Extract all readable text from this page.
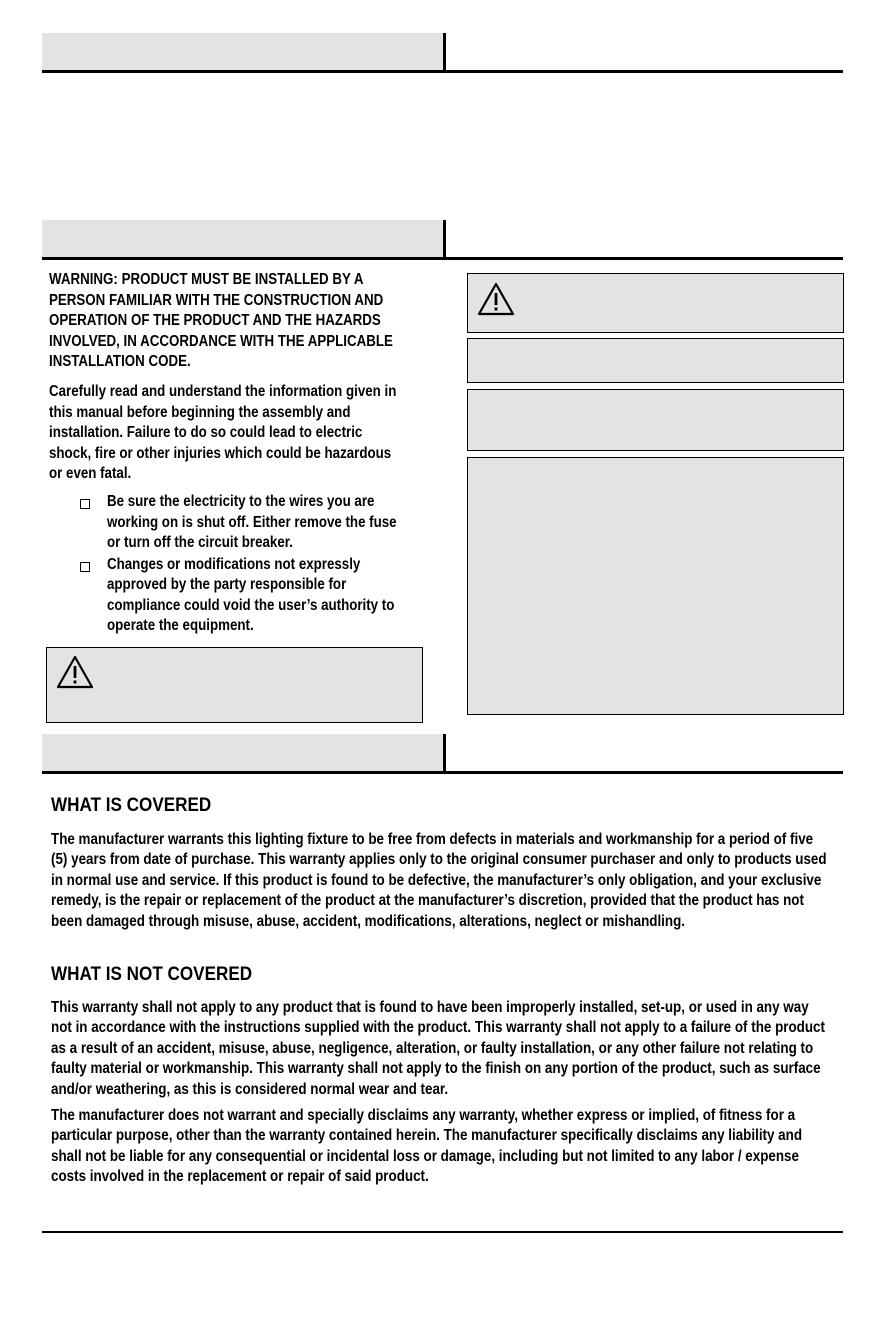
WARNING: PRODUCT MUST BE INSTALLED BY A PERSON FAMILIAR WITH THE CONSTRUCTION AND OPERATION OF THE PRODUCT AND THE HAZARDS INVOLVED, IN ACCORDANCE WITH THE APPLICABLE INSTALLATION CODE.
Carefully read and understand the information given in this manual before beginning the assembly and installation. Failure to do so could lead to electric shock, fire or other injuries which could be hazardous or even fatal.
Be sure the electricity to the wires you are working on is shut off. Either remove the fuse or turn off the circuit breaker.
Changes or modifications not expressly approved by the party responsible for compliance could void the user’s authority to operate the equipment.
WHAT IS COVERED
The manufacturer warrants this lighting fixture to be free from defects in materials and workmanship for a period of five (5) years from date of purchase. This warranty applies only to the original consumer purchaser and only to products used in normal use and service. If this product is found to be defective, the manufacturer’s only obligation, and your exclusive remedy, is the repair or replacement of the product at the manufacturer’s discretion, provided that the product has not been damaged through misuse, abuse, accident, modifications, alterations, neglect or mishandling.
WHAT IS NOT COVERED
This warranty shall not apply to any product that is found to have been improperly installed, set-up, or used in any way not in accordance with the instructions supplied with the product. This warranty shall not apply to a failure of the product as a result of an accident, misuse, abuse, negligence, alteration, or faulty installation, or any other failure not relating to faulty material or workmanship. This warranty shall not apply to the finish on any portion of the product, such as surface and/or weathering, as this is considered normal wear and tear.
The manufacturer does not warrant and specially disclaims any warranty, whether express or implied, of fitness for a particular purpose, other than the warranty contained herein. The manufacturer specifically disclaims any liability and shall not be liable for any consequential or incidental loss or damage, including but not limited to any labor / expense costs involved in the replacement or repair of said product.
